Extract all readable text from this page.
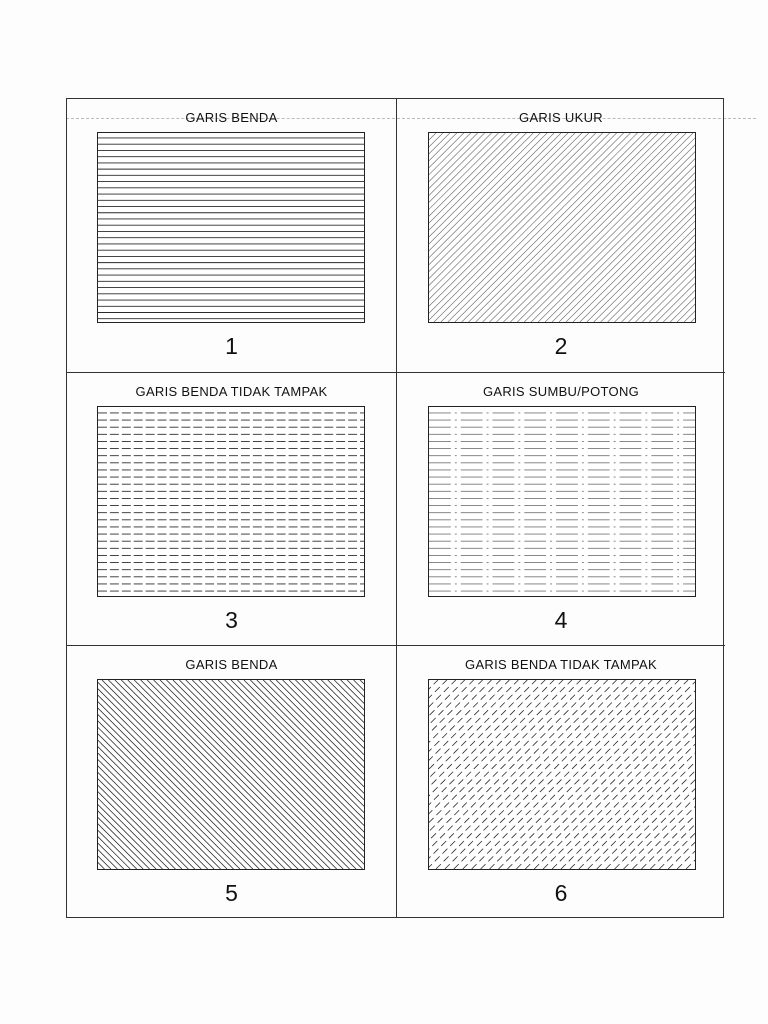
GARIS BENDA
1
GARIS UKUR
2
GARIS BENDA TIDAK TAMPAK
3
GARIS SUMBU/POTONG
4
GARIS BENDA
5
GARIS BENDA TIDAK TAMPAK
6
